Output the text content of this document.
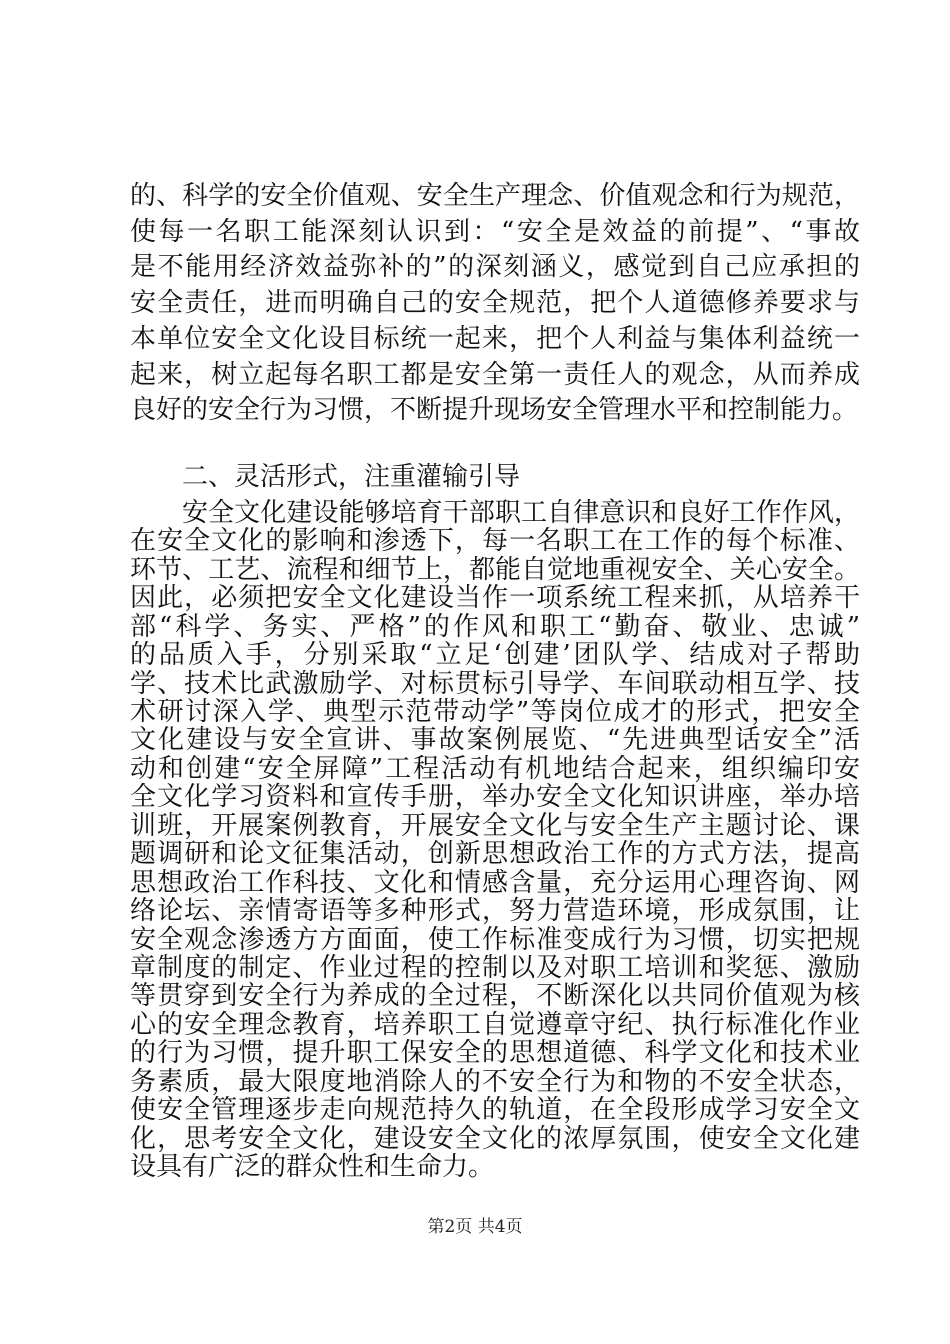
的、科学的安全价值观、安全生产理念、价值观念和行为规范，
使每一名职工能深刻认识到：“安全是效益的前提”、“事故
是不能用经济效益弥补的”的深刻涵义，感觉到自己应承担的
安全责任，进而明确自己的安全规范，把个人道德修养要求与
本单位安全文化设目标统一起来，把个人利益与集体利益统一
起来，树立起每名职工都是安全第一责任人的观念，从而养成
良好的安全行为习惯，不断提升现场安全管理水平和控制能力。
二、灵活形式，注重灌输引导
安全文化建设能够培育干部职工自律意识和良好工作作风，
在安全文化的影响和渗透下，每一名职工在工作的每个标准、
环节、工艺、流程和细节上，都能自觉地重视安全、关心安全。
因此，必须把安全文化建设当作一项系统工程来抓，从培养干
部“科学、务实、严格”的作风和职工“勤奋、敬业、忠诚”
的品质入手，分别采取“立足‘创建’团队学、结成对子帮助
学、技术比武激励学、对标贯标引导学、车间联动相互学、技
术研讨深入学、典型示范带动学”等岗位成才的形式，把安全
文化建设与安全宣讲、事故案例展览、“先进典型话安全”活
动和创建“安全屏障”工程活动有机地结合起来，组织编印安
全文化学习资料和宣传手册，举办安全文化知识讲座，举办培
训班，开展案例教育，开展安全文化与安全生产主题讨论、课
题调研和论文征集活动，创新思想政治工作的方式方法，提高
思想政治工作科技、文化和情感含量，充分运用心理咨询、网
络论坛、亲情寄语等多种形式，努力营造环境，形成氛围，让
安全观念渗透方方面面，使工作标准变成行为习惯，切实把规
章制度的制定、作业过程的控制以及对职工培训和奖惩、激励
等贯穿到安全行为养成的全过程，不断深化以共同价值观为核
心的安全理念教育，培养职工自觉遵章守纪、执行标准化作业
的行为习惯，提升职工保安全的思想道德、科学文化和技术业
务素质，最大限度地消除人的不安全行为和物的不安全状态，
使安全管理逐步走向规范持久的轨道，在全段形成学习安全文
化，思考安全文化，建设安全文化的浓厚氛围，使安全文化建
设具有广泛的群众性和生命力。
第2页 共4页
